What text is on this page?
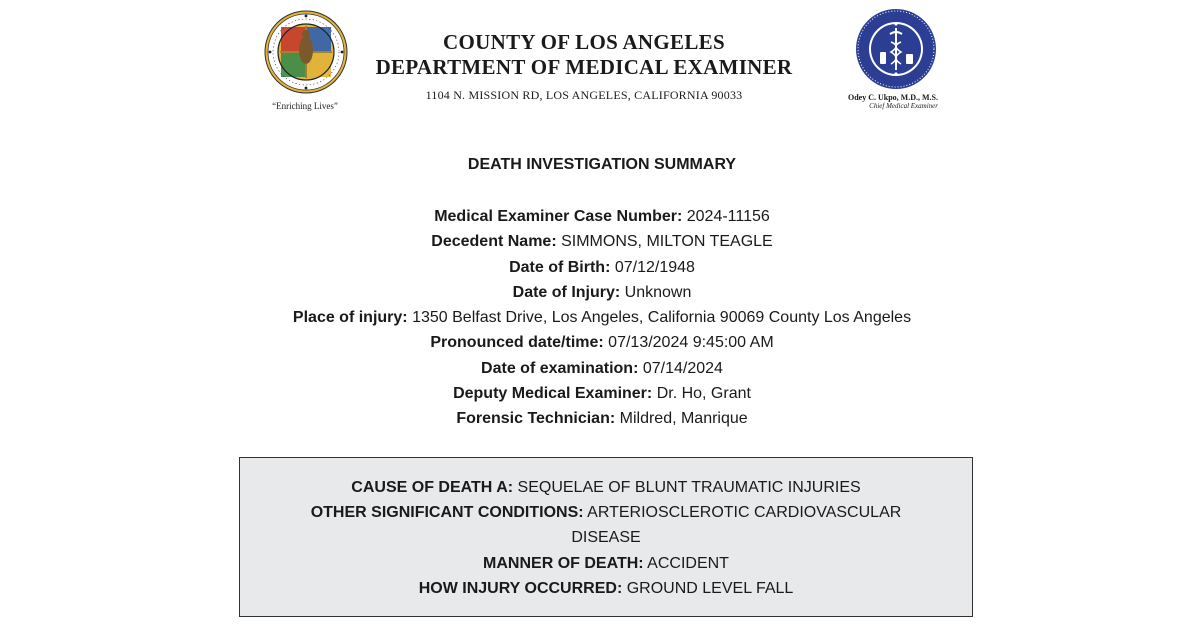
“Enriching Lives”
COUNTY OF LOS ANGELES
DEPARTMENT OF MEDICAL EXAMINER
1104 N. MISSION RD, LOS ANGELES, CALIFORNIA 90033	Odey C. Ukpo, M.D., M.S.
Chief Medical Examiner
DEATH INVESTIGATION SUMMARY
Medical Examiner Case Number: 2024-11156
Decedent Name: SIMMONS, MILTON TEAGLE
Date of Birth: 07/12/1948
Date of Injury: Unknown
Place of injury: 1350 Belfast Drive, Los Angeles, California 90069 County Los Angeles
Pronounced date/time: 07/13/2024 9:45:00 AM
Date of examination: 07/14/2024
Deputy Medical Examiner: Dr. Ho, Grant
Forensic Technician: Mildred, Manrique
CAUSE OF DEATH A: SEQUELAE OF BLUNT TRAUMATIC INJURIES
OTHER SIGNIFICANT CONDITIONS: ARTERIOSCLEROTIC CARDIOVASCULAR DISEASE
MANNER OF DEATH: ACCIDENT
HOW INJURY OCCURRED: GROUND LEVEL FALL
